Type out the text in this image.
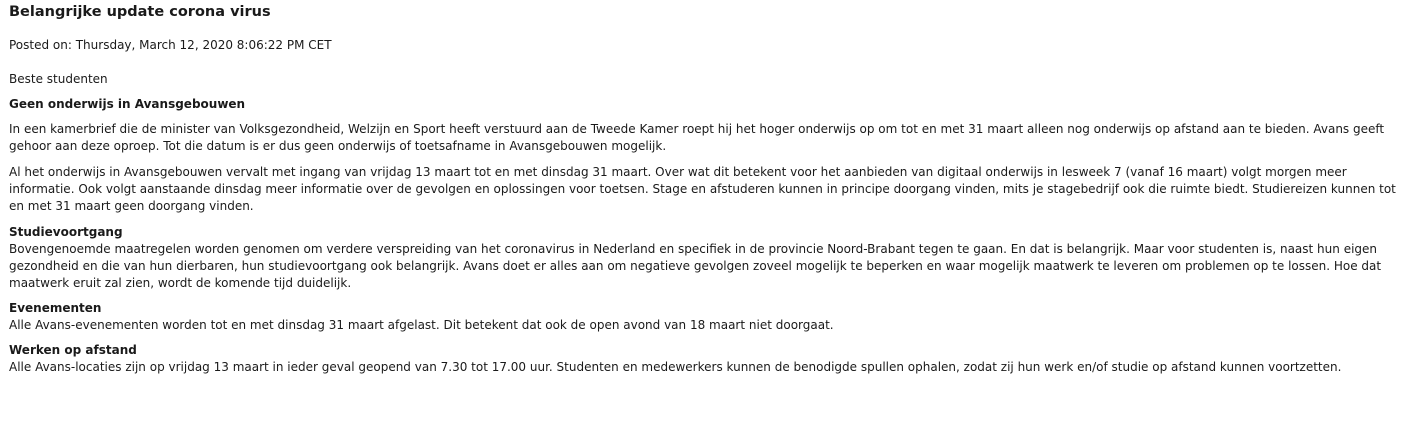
Belangrijke update corona virus
Posted on: Thursday, March 12, 2020 8:06:22 PM CET

Beste studenten

Geen onderwijs in Avansgebouwen

In een kamerbrief die de minister van Volksgezondheid, Welzijn en Sport heeft verstuurd aan de Tweede Kamer roept hij het hoger onderwijs op om tot en met 31 maart alleen nog onderwijs op afstand aan te bieden. Avans geeft gehoor aan deze oproep. Tot die datum is er dus geen onderwijs of toetsafname in Avansgebouwen mogelijk.

Al het onderwijs in Avansgebouwen vervalt met ingang van vrijdag 13 maart tot en met dinsdag 31 maart. Over wat dit betekent voor het aanbieden van digitaal onderwijs in lesweek 7 (vanaf 16 maart) volgt morgen meer informatie. Ook volgt aanstaande dinsdag meer informatie over de gevolgen en oplossingen voor toetsen. Stage en afstuderen kunnen in principe doorgang vinden, mits je stagebedrijf ook die ruimte biedt. Studiereizen kunnen tot en met 31 maart geen doorgang vinden.

Studievoortgang
Bovengenoemde maatregelen worden genomen om verdere verspreiding van het coronavirus in Nederland en specifiek in de provincie Noord-Brabant tegen te gaan. En dat is belangrijk. Maar voor studenten is, naast hun eigen gezondheid en die van hun dierbaren, hun studievoortgang ook belangrijk. Avans doet er alles aan om negatieve gevolgen zoveel mogelijk te beperken en waar mogelijk maatwerk te leveren om problemen op te lossen. Hoe dat maatwerk eruit zal zien, wordt de komende tijd duidelijk.
Evenementen
Alle Avans-evenementen worden tot en met dinsdag 31 maart afgelast. Dit betekent dat ook de open avond van 18 maart niet doorgaat.
Werken op afstand
Alle Avans-locaties zijn op vrijdag 13 maart in ieder geval geopend van 7.30 tot 17.00 uur. Studenten en medewerkers kunnen de benodigde spullen ophalen, zodat zij hun werk en/of studie op afstand kunnen voortzetten.
